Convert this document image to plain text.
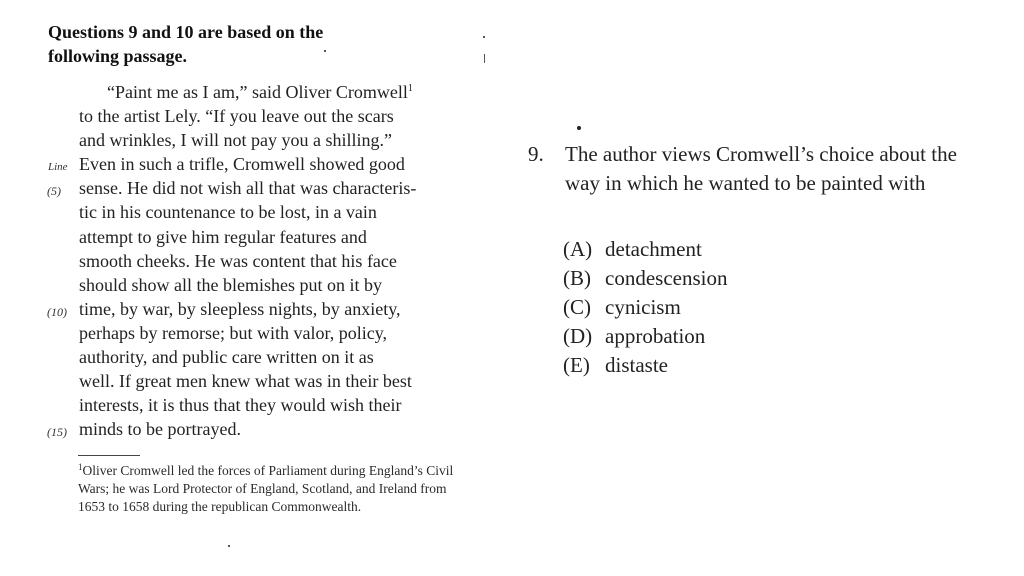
Questions 9 and 10 are based on the
following passage.
“Paint me as I am,” said Oliver Cromwell$^1$
to the artist Lely. “If you leave out the scars
and wrinkles, I will not pay you a shilling.”
Line Even in such a trifle, Cromwell showed good
(5) sense. He did not wish all that was characteris-
tic in his countenance to be lost, in a vain
attempt to give him regular features and
smooth cheeks. He was content that his face
should show all the blemishes put on it by
(10) time, by war, by sleepless nights, by anxiety,
perhaps by remorse; but with valor, policy,
authority, and public care written on it as
well. If great men knew what was in their best
interests, it is thus that they would wish their
(15) minds to be portrayed.
$^1$Oliver Cromwell led the forces of Parliament during England’s Civil Wars; he was Lord Protector of England, Scotland, and Ireland from 1653 to 1658 during the republican Commonwealth.
9. The author views Cromwell’s choice about the way in which he wanted to be painted with
(A) detachment
(B) condescension
(C) cynicism
(D) approbation
(E) distaste
